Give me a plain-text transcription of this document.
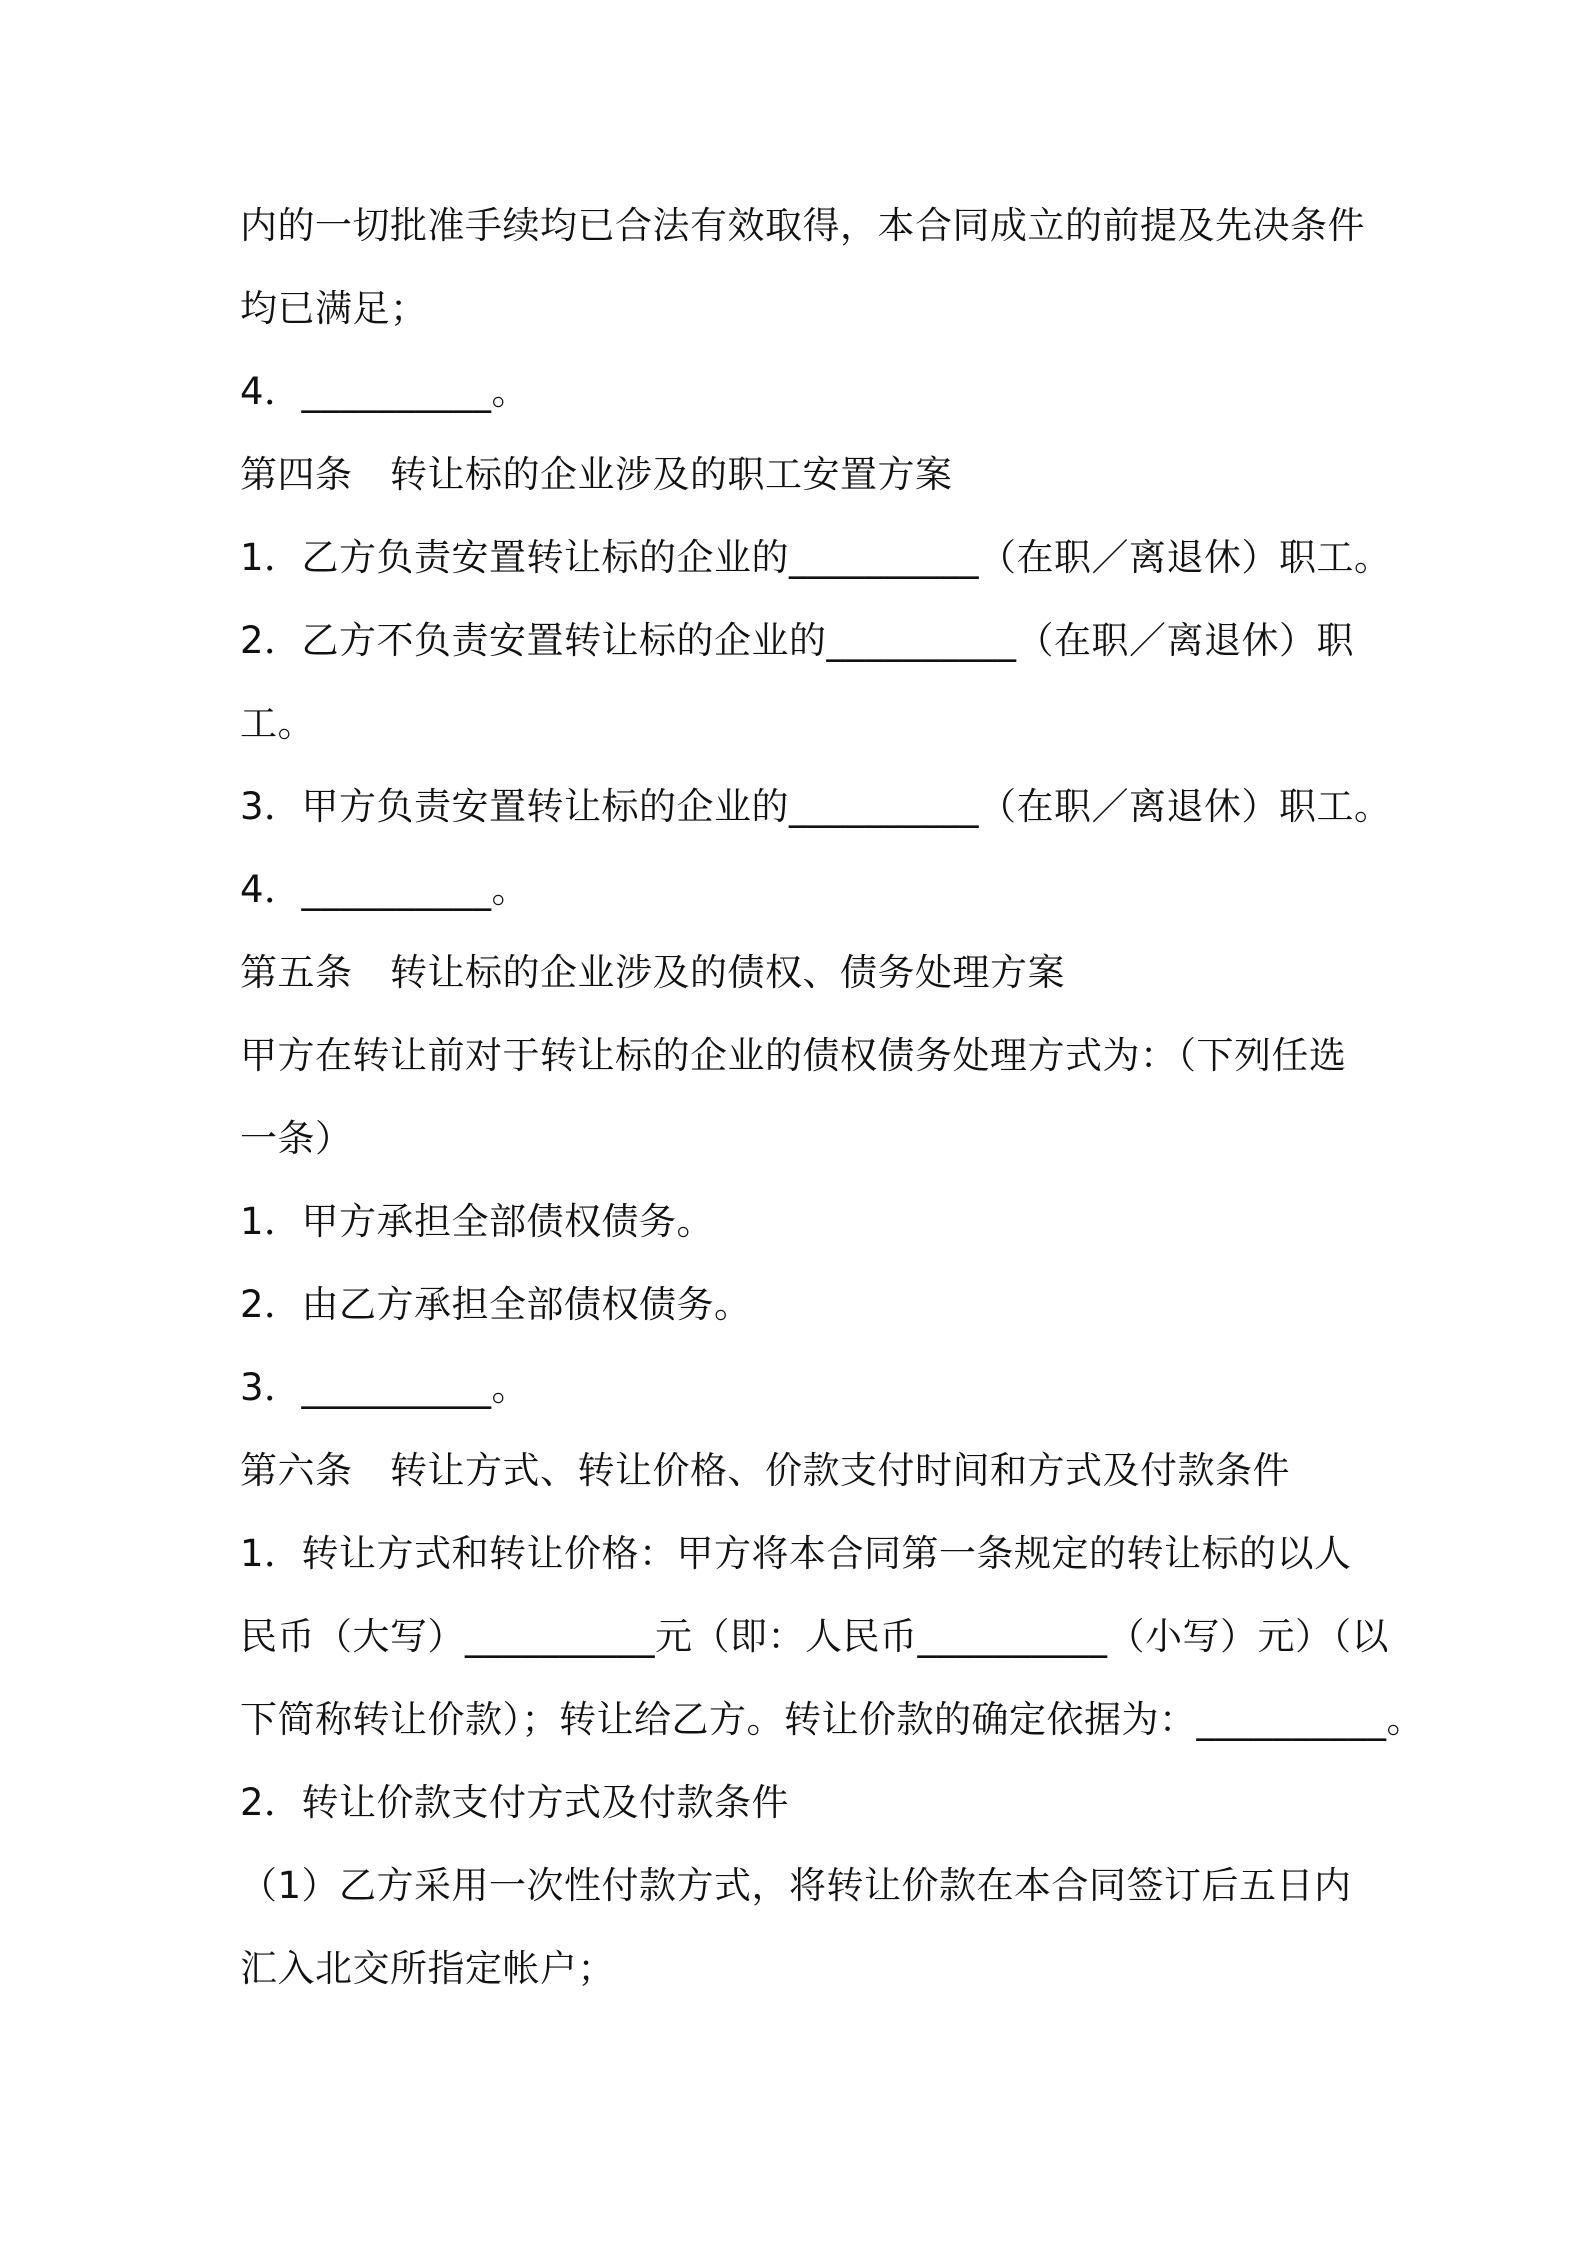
内的一切批准手续均已合法有效取得，本合同成立的前提及先决条件
均已满足；
4．__________。
第四条　转让标的企业涉及的职工安置方案
1．乙方负责安置转让标的企业的__________（在职／离退休）职工。
2．乙方不负责安置转让标的企业的__________（在职／离退休）职
工。
3．甲方负责安置转让标的企业的__________（在职／离退休）职工。
4．__________。
第五条　转让标的企业涉及的债权、债务处理方案
甲方在转让前对于转让标的企业的债权债务处理方式为：（下列任选
一条）
1．甲方承担全部债权债务。
2．由乙方承担全部债权债务。
3．__________。
第六条　转让方式、转让价格、价款支付时间和方式及付款条件
1．转让方式和转让价格：甲方将本合同第一条规定的转让标的以人
民币（大写）__________元（即：人民币__________（小写）元）（以
下简称转让价款）；转让给乙方。转让价款的确定依据为：__________。
2．转让价款支付方式及付款条件
（1）乙方采用一次性付款方式，将转让价款在本合同签订后五日内
汇入北交所指定帐户；
